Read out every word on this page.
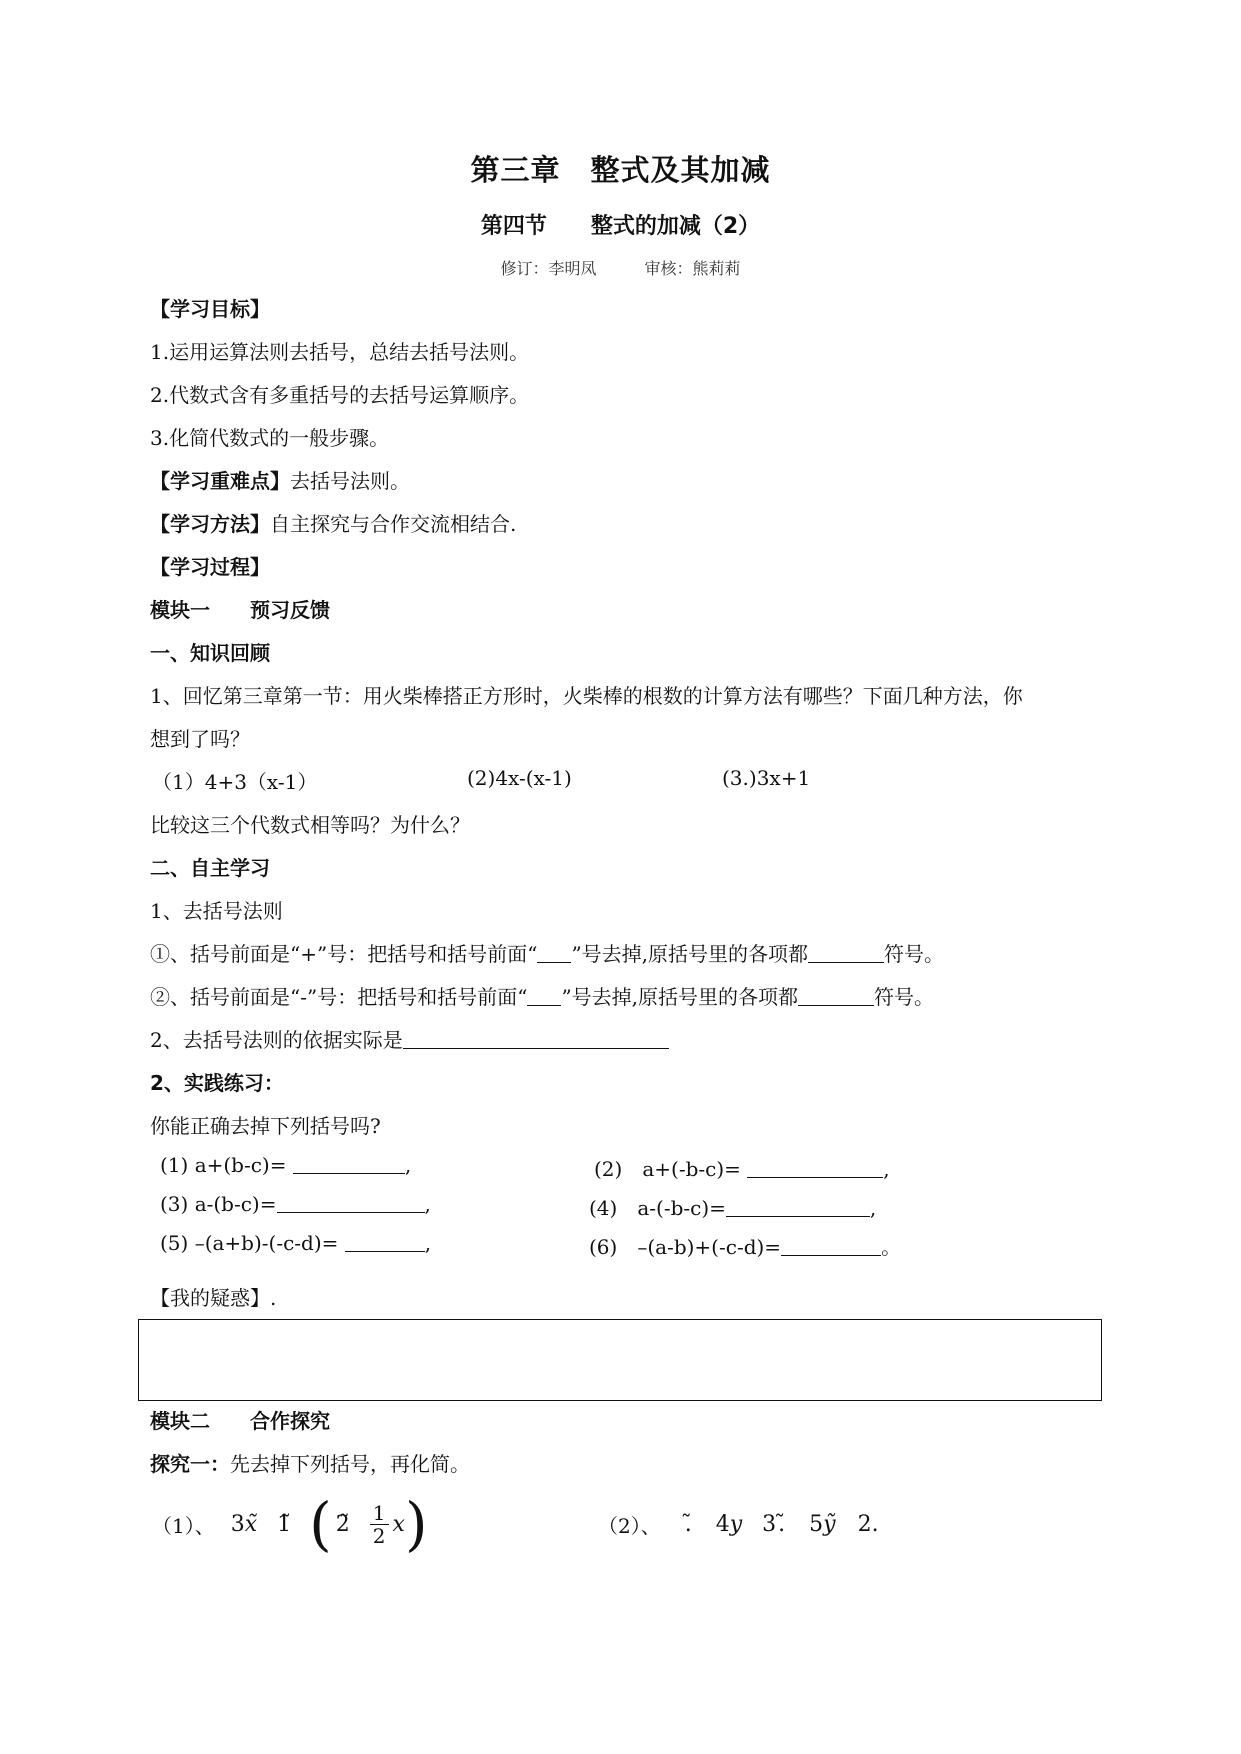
第三章　整式及其加减
第四节　　整式的加减（2）
修订：李明凤　　　审核：熊莉莉
【学习目标】
1.运用运算法则去括号，总结去括号法则。
2.代数式含有多重括号的去括号运算顺序。
3.化简代数式的一般步骤。
【学习重难点】去括号法则。
【学习方法】自主探究与合作交流相结合.
【学习过程】
模块一　　预习反馈
一、知识回顾
1、回忆第三章第一节：用火柴棒搭正方形时，火柴棒的根数的计算方法有哪些？下面几种方法，你
想到了吗？
（1）4+3（x-1）	(2)4x-(x-1)	(3.)3x+1
比较这三个代数式相等吗？为什么？
二、自主学习
1、去括号法则
①、括号前面是“+”号：把括号和括号前面“ ”号去掉,原括号里的各项都	符号。
②、括号前面是“-”号：把括号和括号前面“ ”号去掉,原括号里的各项都	符号。
2、去括号法则的依据实际是
2、实践练习：
你能正确去掉下列括号吗?
(1) a+(b-c)=	,	(2)　a+(-b-c)=	,
(3) a-(b-c)=	,	(4)　a-(-b-c)=	,
(5) –(a+b)-(-c-d)=	,	(6)　–(a-b)+(-c-d)=	。
【我的疑惑】.
模块二　　合作探究
探究一：先去掉下列括号，再化简。
（1）、 3 x̃ 1̃ ( 2̃ $\frac{1}{2}$ x )	（2）、 .̃ 4 y 3 .̃ 5 ỹ 2.
